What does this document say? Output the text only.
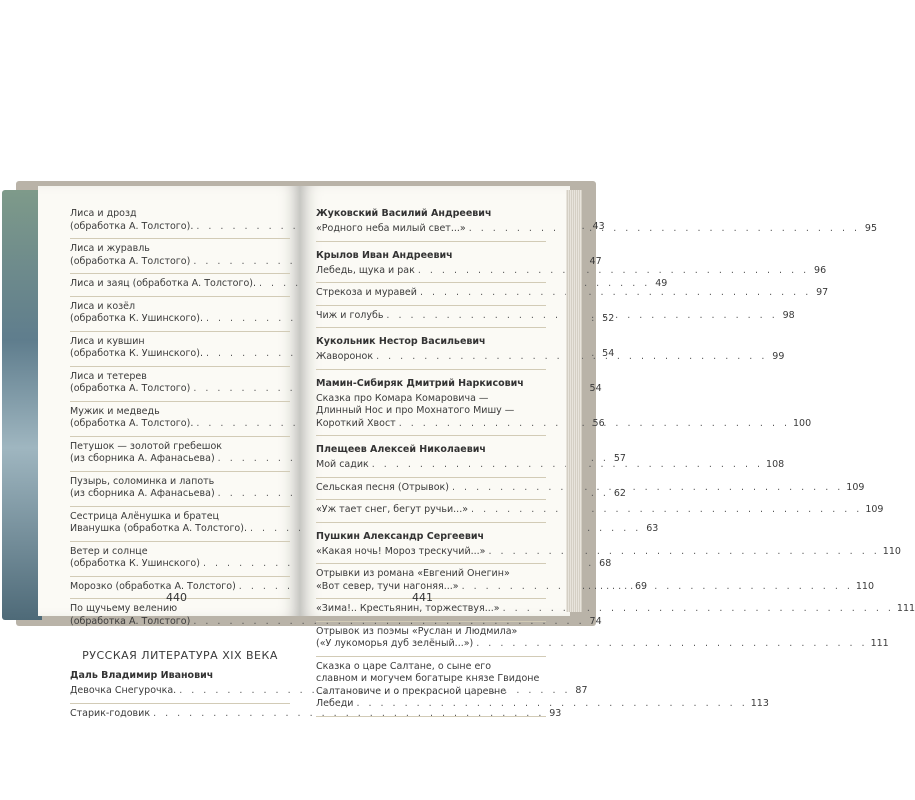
Лиса и дрозд
(обработка А. Толстого). . . .	43
Лиса и журавль
(обработка А. Толстого) . . .	47
Лиса и заяц (обработка А. Толстого). . . .	49
Лиса и козёл
(обработка К. Ушинского). . . .	52
Лиса и кувшин
(обработка К. Ушинского). . . .	54
Лиса и тетерев
(обработка А. Толстого) . . .	54
Мужик и медведь
(обработка А. Толстого). . . .	56
Петушок — золотой гребешок
(из сборника А. Афанасьева) . . .	57
Пузырь, соломинка и лапоть
(из сборника А. Афанасьева) . . .	62
Сестрица Алёнушка и братец
Иванушка (обработка А. Толстого). . . .	63
Ветер и солнце
(обработка К. Ушинского) . . .	68
Морозко (обработка А. Толстого) . . .	69
По щучьему велению
(обработка А. Толстого) . . .	74
РУССКАЯ ЛИТЕРАТУРА XIX ВЕКА
Даль Владимир Иванович
Девочка Снегурочка. . . .	87
Старик-годовик . . .	93
440
Жуковский Василий Андреевич
«Родного неба милый свет...» . . .	95
Крылов Иван Андреевич
Лебедь, щука и рак . . .	96
Стрекоза и муравей . . .	97
Чиж и голубь . . .	98
Кукольник Нестор Васильевич
Жаворонок . . .	99
Мамин-Сибиряк Дмитрий Наркисович
Сказка про Комара Комаровича —
Длинный Нос и про Мохнатого Мишу —
Короткий Хвост . . .	100
Плещеев Алексей Николаевич
Мой садик . . .	108
Сельская песня (Отрывок) . . .	109
«Уж тает снег, бегут ручьи...» . . .	109
Пушкин Александр Сергеевич
«Какая ночь! Мороз трескучий...» . . .	110
Отрывки из романа «Евгений Онегин»
«Вот север, тучи нагоняя...» . . .	110
«Зима!.. Крестьянин, торжествуя...» . . .	111
Отрывок из поэмы «Руслан и Людмила»
(«У лукоморья дуб зелёный...») . . .	111
Сказка о царе Салтане, о сыне его
славном и могучем богатыре князе Гвидоне
Салтановиче и о прекрасной царевне
Лебеди . . .	113
441
